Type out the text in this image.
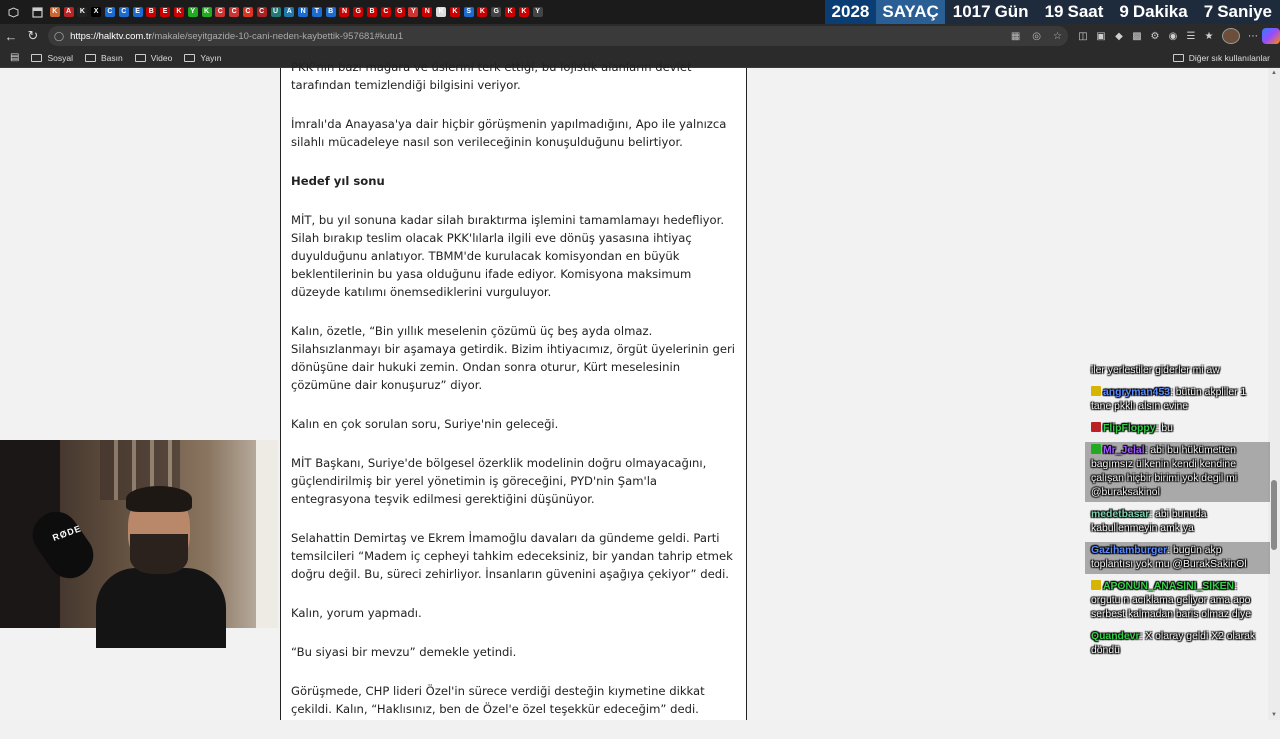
K	A	K	X	C	C	E	B	E	K	Y	K	C	C	C	C	U	A	N	T	B	N	G	B	C	G	Y	N	K	K	S	K	G	K	K	Y	2028 SAYAÇ 1017 Gün 19 Saat 9 Dakika 7 Saniye
← ↻	◯ https://halktv.com.tr/makale/seyitgazide-10-cani-neden-kaybettik-957681#kutu1	▦ ◎ ☆	◫ ▣ ◆ ▩ ⚙ ◉ ☰ ★	⋯
▤	Sosyal	Basın	Video	Yayın	Diğer sık kullanılanlar

PKK'nin bazı mağara ve üslerini terk ettiği, bu lojistik alanların devlet tarafından temizlendiği bilgisini veriyor.

İmralı'da Anayasa'ya dair hiçbir görüşmenin yapılmadığını, Apo ile yalnızca silahlı mücadeleye nasıl son verileceğinin konuşulduğunu belirtiyor.

Hedef yıl sonu

MİT, bu yıl sonuna kadar silah bıraktırma işlemini tamamlamayı hedefliyor. Silah bırakıp teslim olacak PKK'lılarla ilgili eve dönüş yasasına ihtiyaç duyulduğunu anlatıyor. TBMM'de kurulacak komisyondan en büyük beklentilerinin bu yasa olduğunu ifade ediyor. Komisyona maksimum düzeyde katılımı önemsediklerini vurguluyor.

Kalın, özetle, “Bin yıllık meselenin çözümü üç beş ayda olmaz. Silahsızlanmayı bir aşamaya getirdik. Bizim ihtiyacımız, örgüt üyelerinin geri dönüşüne dair hukuki zemin. Ondan sonra oturur, Kürt meselesinin çözümüne dair konuşuruz” diyor.

Kalın en çok sorulan soru, Suriye'nin geleceği.

MİT Başkanı, Suriye'de bölgesel özerklik modelinin doğru olmayacağını, güçlendirilmiş bir yerel yönetimin iş göreceğini, PYD'nin Şam'la entegrasyona teşvik edilmesi gerektiğini düşünüyor.

Selahattin Demirtaş ve Ekrem İmamoğlu davaları da gündeme geldi. Parti temsilcileri “Madem iç cepheyi tahkim edeceksiniz, bir yandan tahrip etmek doğru değil. Bu, süreci zehirliyor. İnsanların güvenini aşağıya çekiyor” dedi.

Kalın, yorum yapmadı.

“Bu siyasi bir mevzu” demekle yetindi.

Görüşmede, CHP lideri Özel'in sürece verdiği desteğin kıymetine dikkat çekildi. Kalın, “Haklısınız, ben de Özel'e özel teşekkür edeceğim” dedi.

▲
▼
RØDE
iler yerlestiler giderler mi aw
angryman453: bütün akpliler 1 tane pkklı alsın evine
FlipFloppy: bu
Mr_Jelal: abi bu hükümetten bagımsız ülkenin kendi kendine çalışan hiçbir birimi yok degil mi @buraksakinol
medetbasar: abi bunuda kabullenmeyin amk ya
Gazihamburger: bugün akp toplantısı yok mu @BurakSakinOl
APONUN_ANASINI_SIKEN: orgutu n acıklama geliyor ama apo serbest kalmadan baris olmaz diye
Quandevr: X olaray geldi X2 olarak döndü
